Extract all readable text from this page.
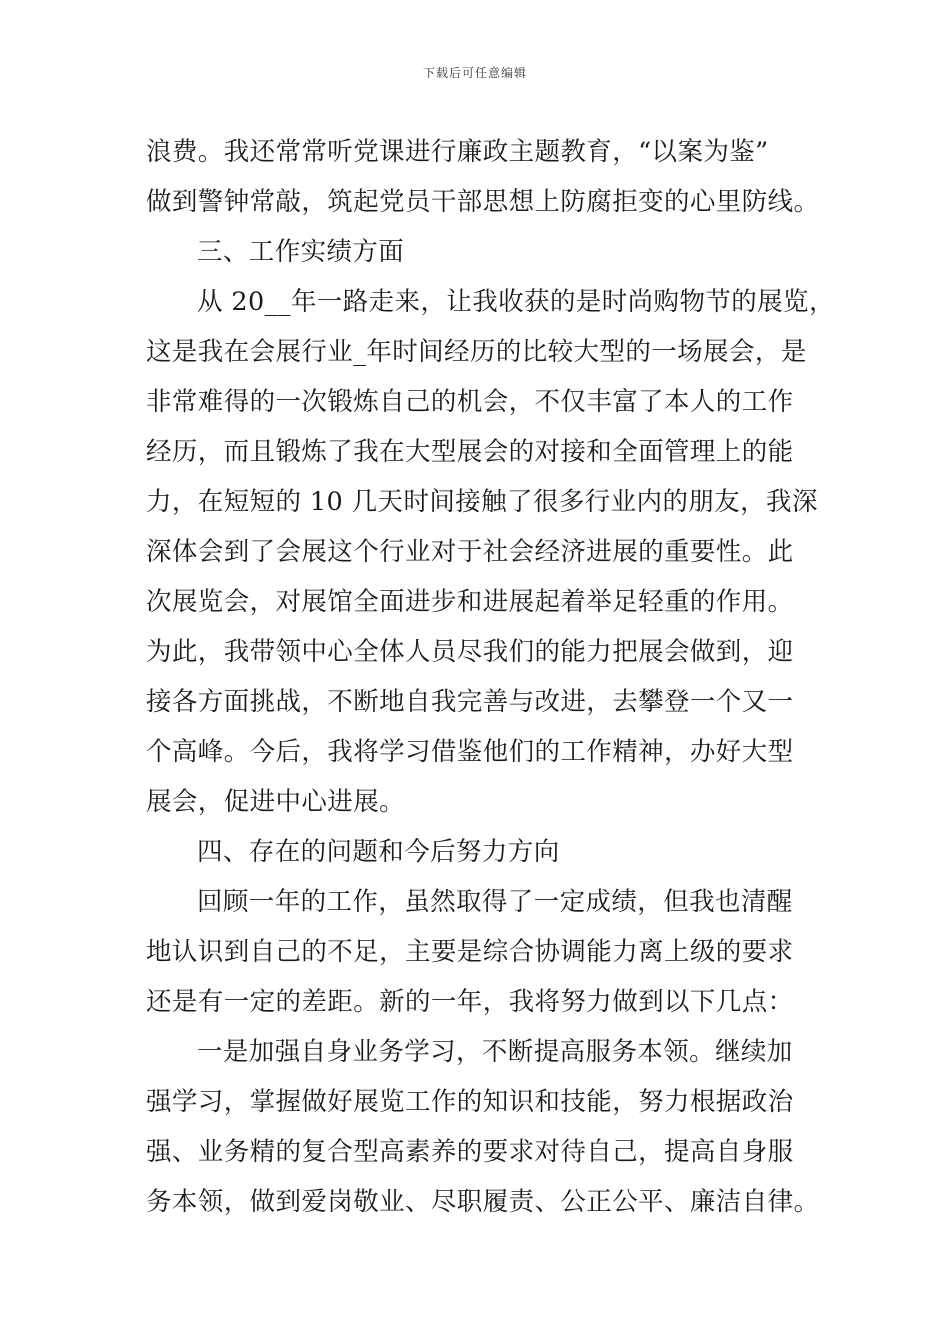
下载后可任意编辑
浪费。我还常常听党课进行廉政主题教育，“以案为鉴”
做到警钟常敲，筑起党员干部思想上防腐拒变的心里防线。
三、工作实绩方面
从 20__年一路走来，让我收获的是时尚购物节的展览，
这是我在会展行业_年时间经历的比较大型的一场展会，是
非常难得的一次锻炼自己的机会，不仅丰富了本人的工作
经历，而且锻炼了我在大型展会的对接和全面管理上的能
力，在短短的 10 几天时间接触了很多行业内的朋友，我深
深体会到了会展这个行业对于社会经济进展的重要性。此
次展览会，对展馆全面进步和进展起着举足轻重的作用。
为此，我带领中心全体人员尽我们的能力把展会做到，迎
接各方面挑战，不断地自我完善与改进，去攀登一个又一
个高峰。今后，我将学习借鉴他们的工作精神，办好大型
展会，促进中心进展。
四、存在的问题和今后努力方向
回顾一年的工作，虽然取得了一定成绩，但我也清醒
地认识到自己的不足，主要是综合协调能力离上级的要求
还是有一定的差距。新的一年，我将努力做到以下几点：
一是加强自身业务学习，不断提高服务本领。继续加
强学习，掌握做好展览工作的知识和技能，努力根据政治
强、业务精的复合型高素养的要求对待自己，提高自身服
务本领，做到爱岗敬业、尽职履责、公正公平、廉洁自律。
